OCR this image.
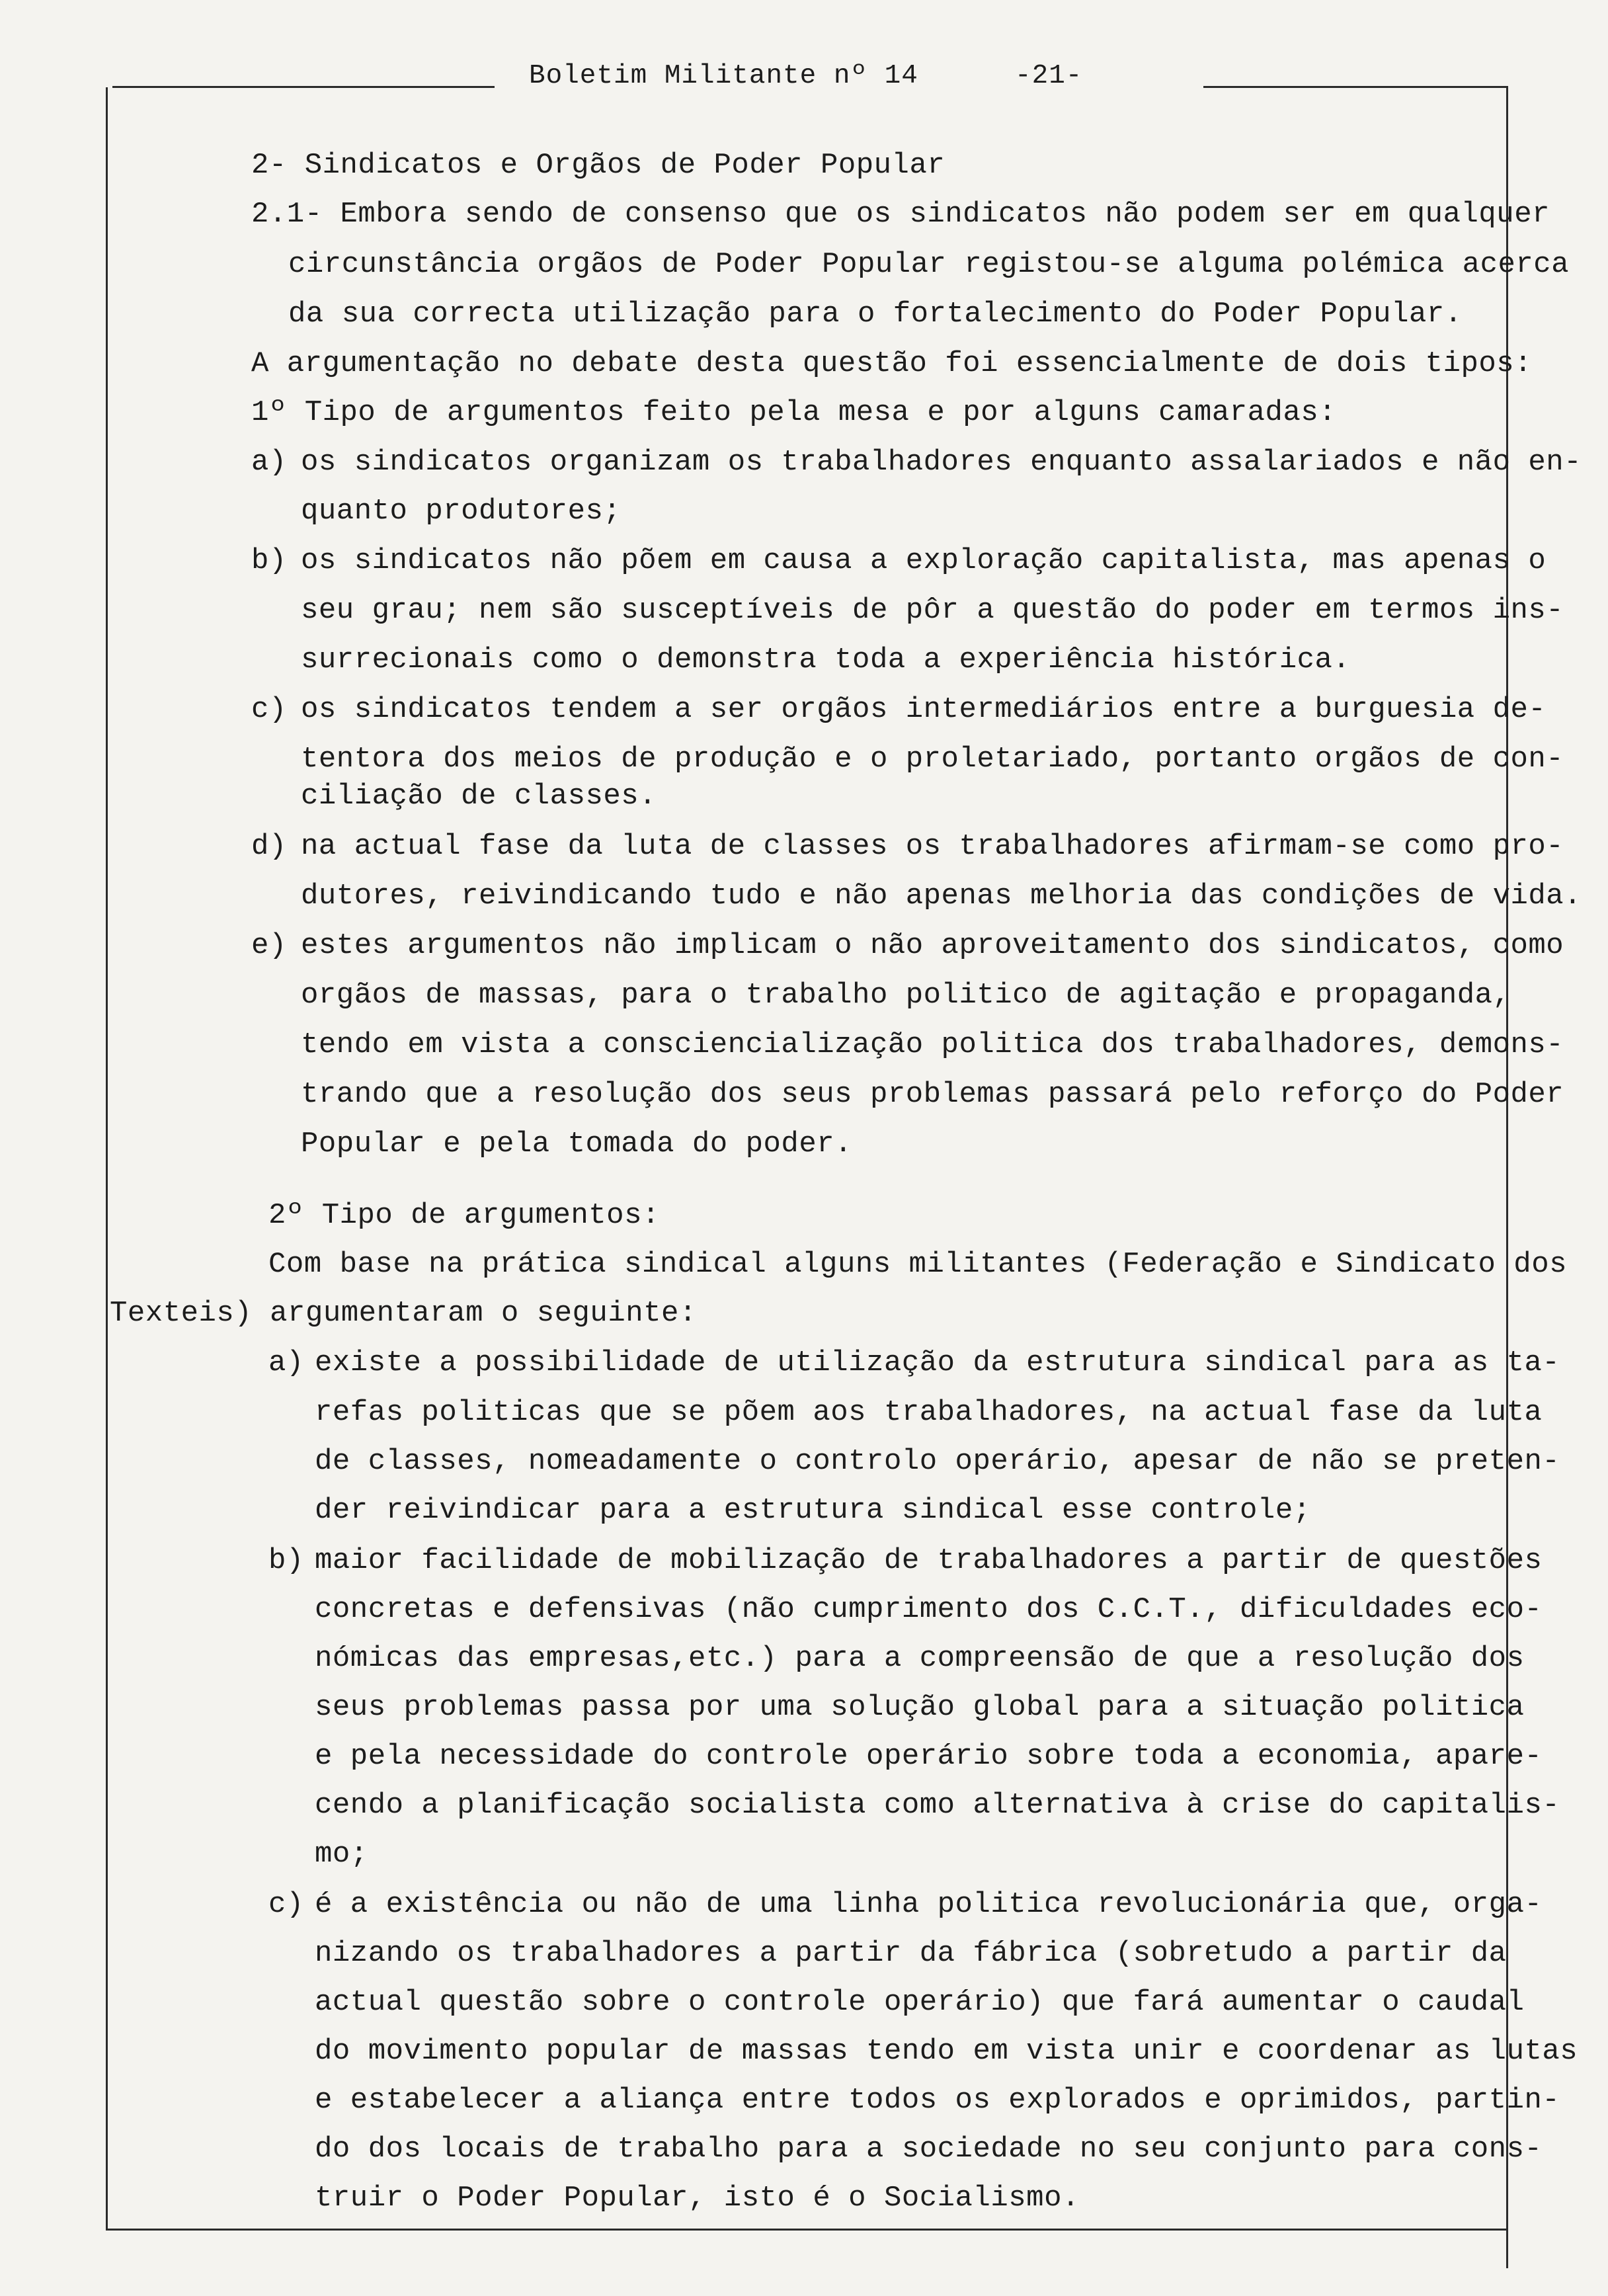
Boletim Militante nº 14	-21-
2- Sindicatos e Orgãos de Poder Popular
2.1- Embora sendo de consenso que os sindicatos não podem ser em qualquer
circunstância orgãos de Poder Popular registou-se alguma polémica acerca
da sua correcta utilização para o fortalecimento do Poder Popular.
A argumentação no debate desta questão foi essencialmente de dois tipos:
1º Tipo de argumentos feito pela mesa e por alguns camaradas:
a) os sindicatos organizam os trabalhadores enquanto assalariados e não en-
quanto produtores;
b) os sindicatos não põem em causa a exploração capitalista, mas apenas o
seu grau; nem são susceptíveis de pôr a questão do poder em termos ins-
surrecionais como o demonstra toda a experiência histórica.
c) os sindicatos tendem a ser orgãos intermediários entre a burguesia de-
tentora dos meios de produção e o proletariado, portanto orgãos de con-
ciliação de classes.
d) na actual fase da luta de classes os trabalhadores afirmam-se como pro-
dutores, reivindicando tudo e não apenas melhoria das condições de vida.
e) estes argumentos não implicam o não aproveitamento dos sindicatos, como
orgãos de massas, para o trabalho politico de agitação e propaganda,
tendo em vista a consciencialização politica dos trabalhadores, demons-
trando que a resolução dos seus problemas passará pelo reforço do Poder
Popular e pela tomada do poder.
2º Tipo de argumentos:
Com base na prática sindical alguns militantes (Federação e Sindicato dos
Texteis) argumentaram o seguinte:
a) existe a possibilidade de utilização da estrutura sindical para as ta-
refas politicas que se põem aos trabalhadores, na actual fase da luta
de classes, nomeadamente o controlo operário, apesar de não se preten-
der reivindicar para a estrutura sindical esse controle;
b) maior facilidade de mobilização de trabalhadores a partir de questões
concretas e defensivas (não cumprimento dos C.C.T., dificuldades eco-
nómicas das empresas,etc.) para a compreensão de que a resolução dos
seus problemas passa por uma solução global para a situação politica
e pela necessidade do controle operário sobre toda a economia, apare-
cendo a planificação socialista como alternativa à crise do capitalis-
mo;
c) é a existência ou não de uma linha politica revolucionária que, orga-
nizando os trabalhadores a partir da fábrica (sobretudo a partir da
actual questão sobre o controle operário) que fará aumentar o caudal
do movimento popular de massas tendo em vista unir e coordenar as lutas
e estabelecer a aliança entre todos os explorados e oprimidos, partin-
do dos locais de trabalho para a sociedade no seu conjunto para cons-
truir o Poder Popular, isto é o Socialismo.
